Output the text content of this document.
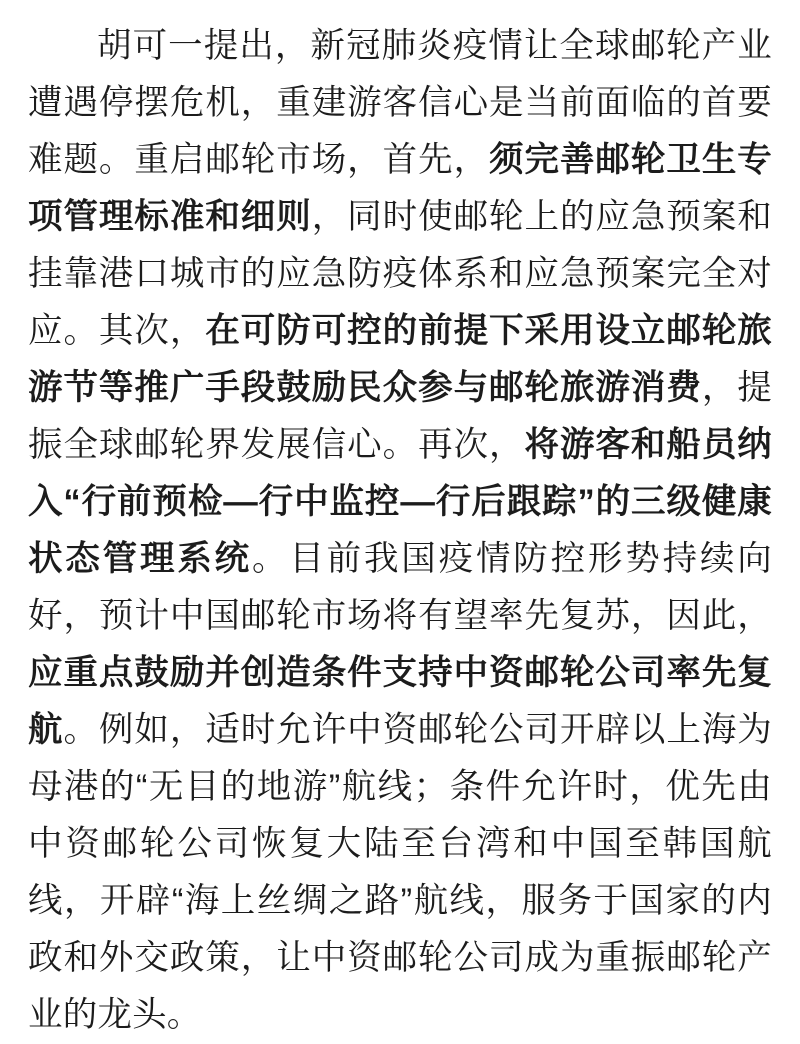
胡可一提出，新冠肺炎疫情让全球邮轮产业遭遇停摆危机，重建游客信心是当前面临的首要难题。重启邮轮市场，首先，须完善邮轮卫生专项管理标准和细则，同时使邮轮上的应急预案和挂靠港口城市的应急防疫体系和应急预案完全对应。其次，在可防可控的前提下采用设立邮轮旅游节等推广手段鼓励民众参与邮轮旅游消费，提振全球邮轮界发展信心。再次，将游客和船员纳入“行前预检—行中监控—行后跟踪”的三级健康状态管理系统。目前我国疫情防控形势持续向好，预计中国邮轮市场将有望率先复苏，因此，应重点鼓励并创造条件支持中资邮轮公司率先复航。例如，适时允许中资邮轮公司开辟以上海为母港的“无目的地游”航线；条件允许时，优先由中资邮轮公司恢复大陆至台湾和中国至韩国航线，开辟“海上丝绸之路”航线，服务于国家的内政和外交政策，让中资邮轮公司成为重振邮轮产业的龙头。
